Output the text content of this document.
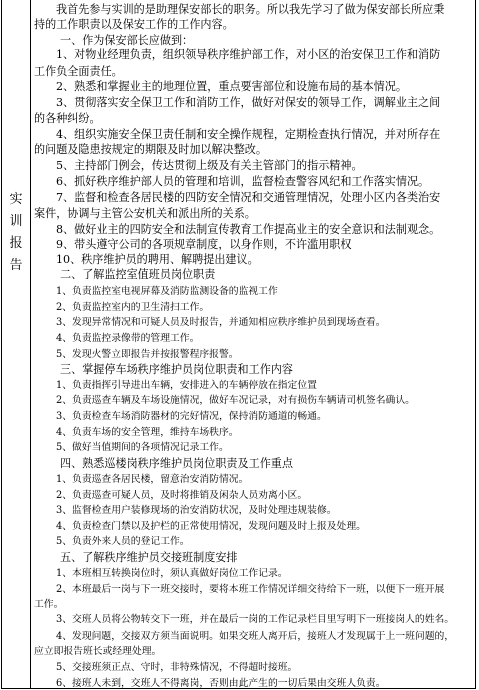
实
训
报
告
我首先参与实训的是助理保安部长的职务。所以我先学习了做为保安部长所应秉
持的工作职责以及保安工作的工作内容。
一、作为保安部长应做到：
1、对物业经理负责，组织领导秩序维护部工作，对小区的治安保卫工作和消防
工作负全面责任。
2、熟悉和掌握业主的地理位置，重点要害部位和设施布局的基本情况。
3、贯彻落实安全保卫工作和消防工作，做好对保安的领导工作，调解业主之间
的各种纠纷。
4、组织实施安全保卫责任制和安全操作规程，定期检查执行情况，并对所存在
的问题及隐患按规定的期限及时加以解决整改。
5、主持部门例会，传达贯彻上级及有关主管部门的指示精神。
6、抓好秩序维护部人员的管理和培训，监督检查警容风纪和工作落实情况。
7、监督和检查各居民楼的四防安全情况和交通管理情况，处理小区内各类治安
案件，协调与主管公安机关和派出所的关系。
8、做好业主的四防安全和法制宣传教育工作提高业主的安全意识和法制观念。
9、带头遵守公司的各项规章制度，以身作则，不许滥用职权
10、秩序维护员的聘用、解聘提出建议。
二、了解监控室值班员岗位职责
1、负责监控室电视屏幕及消防监测设备的监视工作
2、负责监控室内的卫生清扫工作。
3、发现异常情况和可疑人员及时报告，并通知相应秩序维护员到现场查看。
4、负责监控录像带的管理工作。
5、发现火警立即报告并按报警程序报警。
三、掌握停车场秩序维护员岗位职责和工作内容
1、负责指挥引导进出车辆，安排进入的车辆停放在指定位置
2、负责巡查车辆及车场设施情况，做好车况记录，对有损伤车辆请司机签名确认。
3、负责检查车场消防器材的完好情况，保持消防通道的畅通。
4、负责车场的安全管理，维持车场秩序。
5、做好当值期间的各项情况记录工作。
四、熟悉巡楼岗秩序维护员岗位职责及工作重点
1、负责巡查各居民楼，留意治安消防情况。
2、负责巡查可疑人员，及时将推销及闲杂人员劝离小区。
3、监督检查用户装修现场的治安消防状况，及时处理违规装修。
4、负责检查门禁以及护栏的正常使用情况，发现问题及时上报及处理。
5、负责外来人员的登记工作。
五、了解秩序维护员交接班制度安排
1、本班相互转换岗位时，须认真做好岗位工作记录。
2、本班最后一岗与下一班交接时，要将本班工作情况详细交待给下一班，以便下一班开展
工作。
3、交班人员将公物转交下一班，并在最后一岗的工作记录栏目里写明下一班接岗人的姓名。
4、发现问题，交接双方须当面说明。如果交班人离开后，接班人才发现属于上一班问题的，
应立即报告班长或经理处理。
5、交接班须正点、守时，非特殊情况，不得超时接班。
6、接班人未到，交班人不得离岗，否则由此产生的一切后果由交班人负责。
